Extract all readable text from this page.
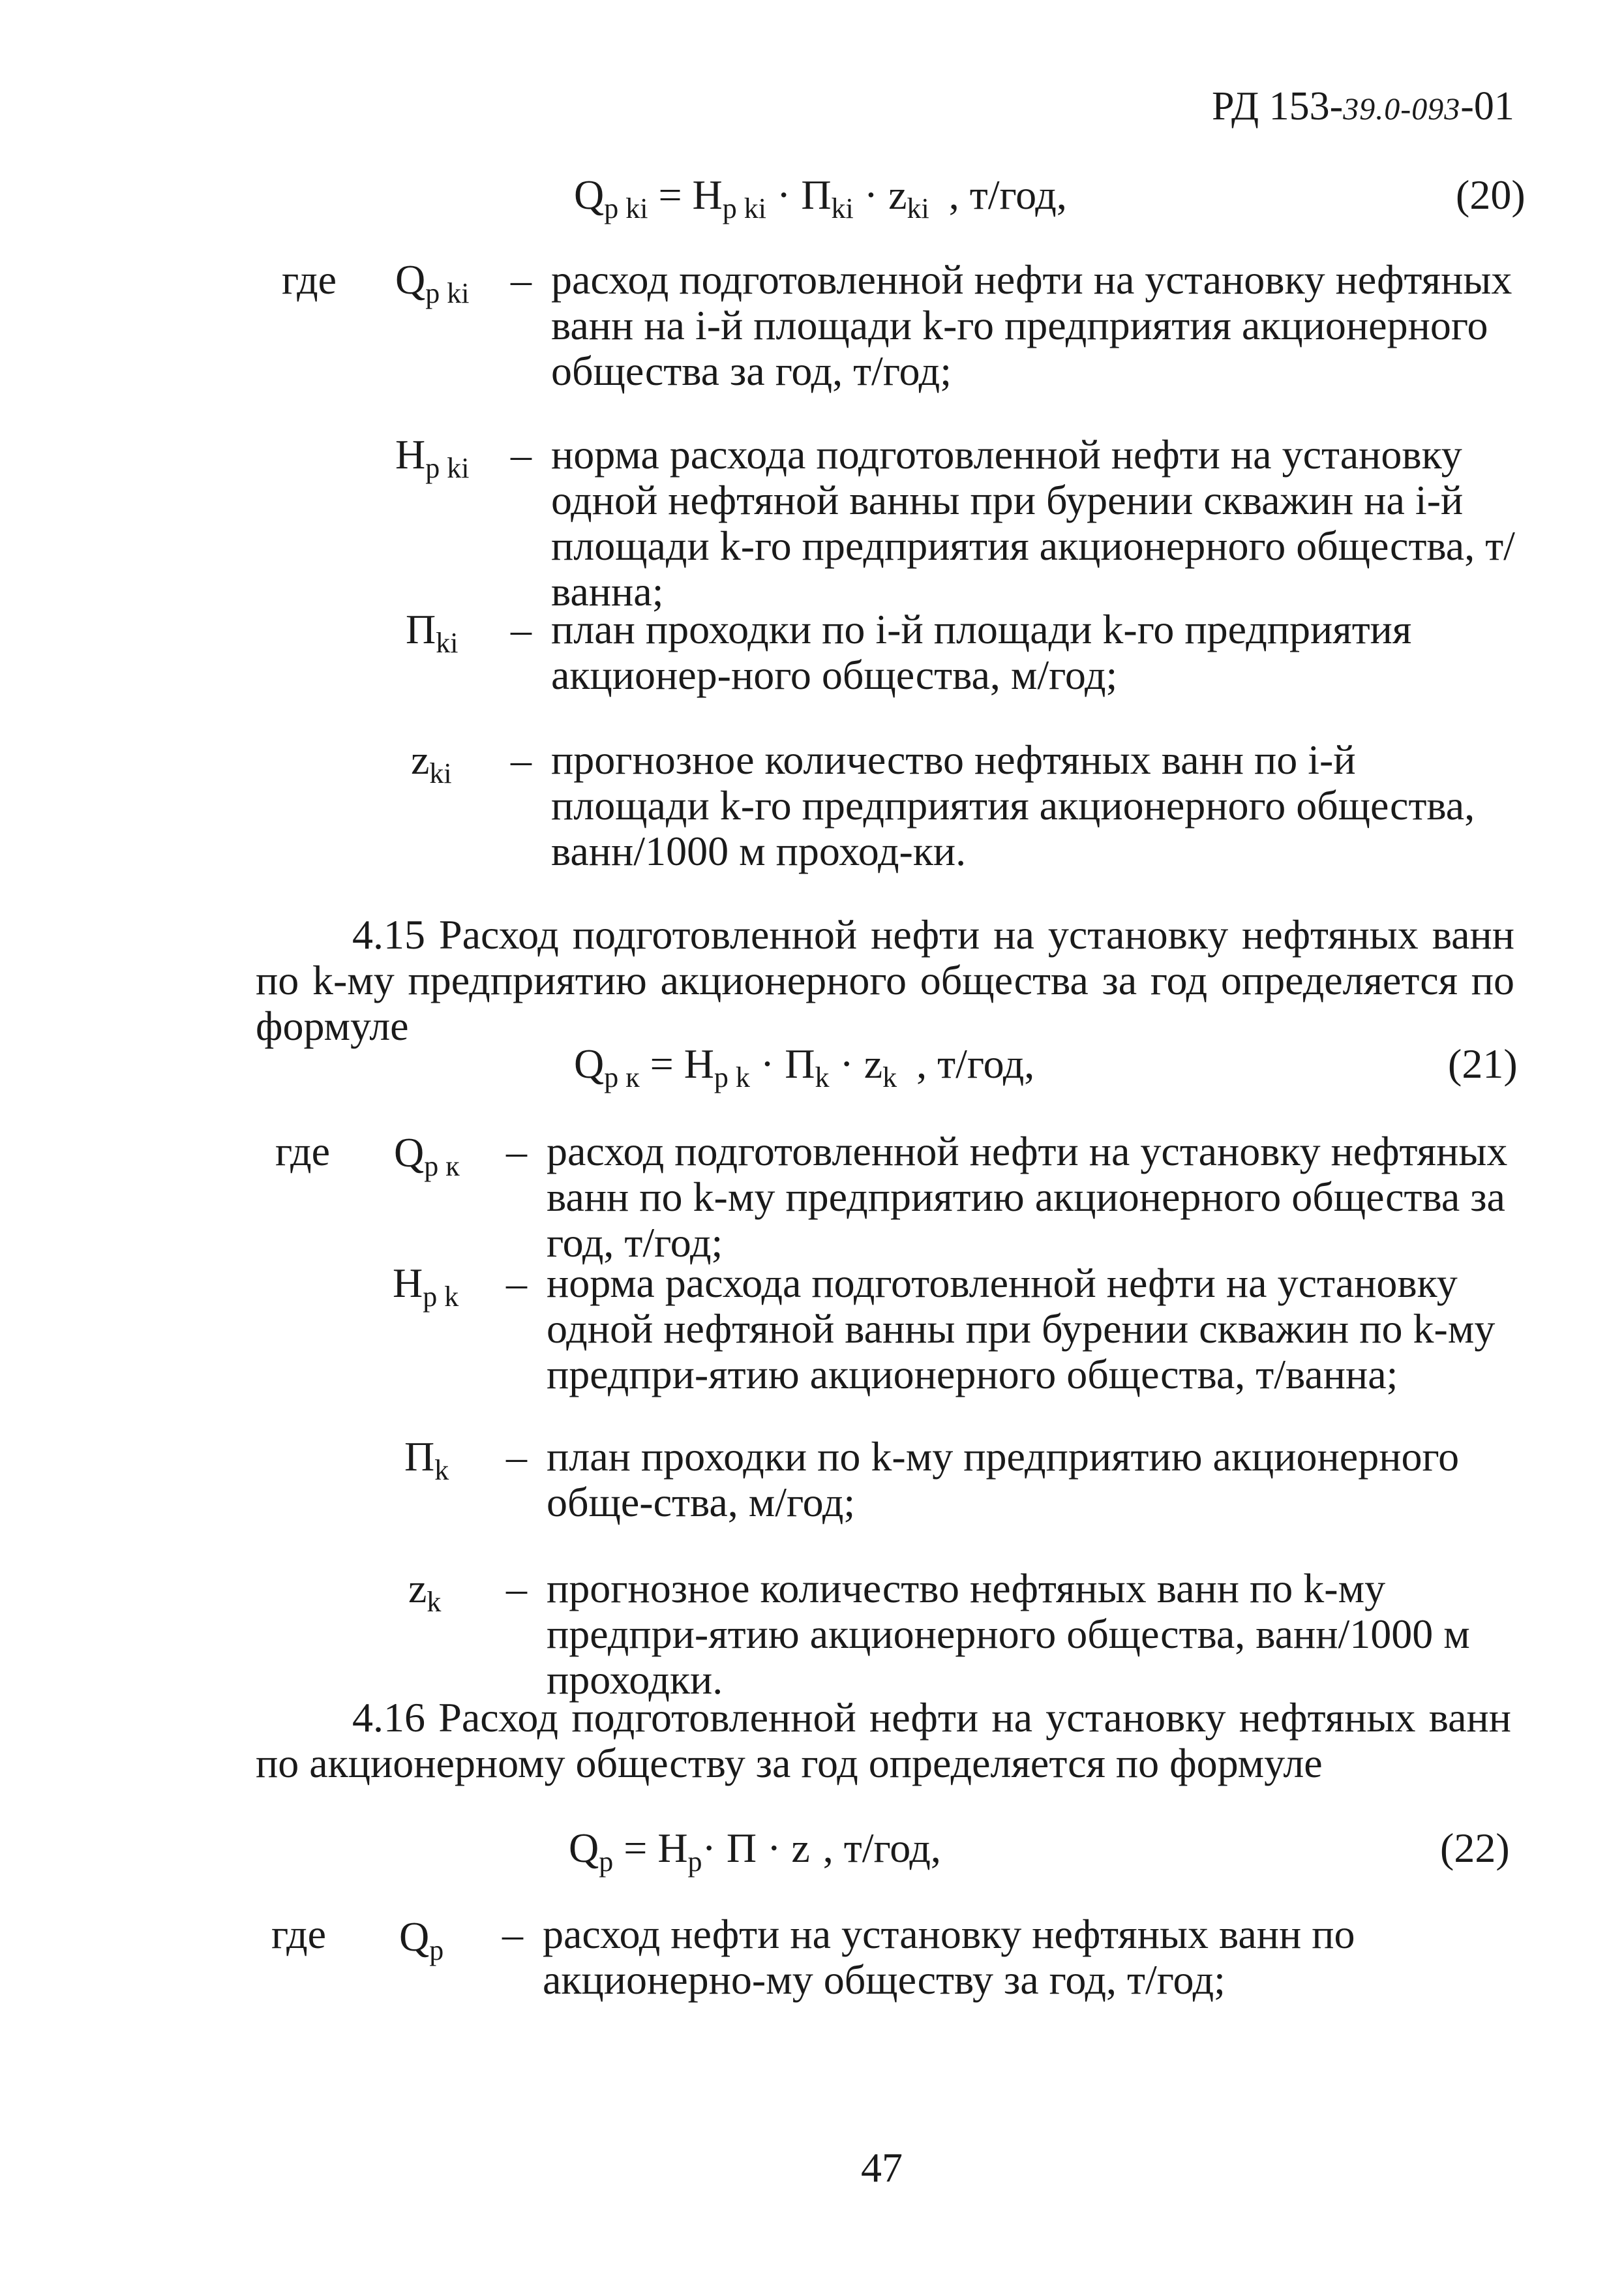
РД 153-39.0-093-01
$Q_{р ki} = Н_{р ki} \cdot П_{ki} \cdot z_{ki}$ , т/год,	(20)
где $Q_{р ki}$ – расход подготовленной нефти на установку нефтяных ванн на i-й площади k-го предприятия акционерного общества за год, т/год;
$Н_{р ki}$ – норма расхода подготовленной нефти на установку одной нефтяной ванны при бурении скважин на i-й площади k-го предприятия акционерного общества, т/ванна;
$П_{ki}$ – план проходки по i-й площади k-го предприятия акционер-ного общества, м/год;
$z_{ki}$ – прогнозное количество нефтяных ванн по i-й площади k-го предприятия акционерного общества, ванн/1000 м проход-ки.
4.15 Расход подготовленной нефти на установку нефтяных ванн по k-му предприятию акционерного общества за год определяется по формуле
$Q_{р к} = Н_{р k} \cdot П_k \cdot z_k$ , т/год,	(21)
где $Q_{р к}$ – расход подготовленной нефти на установку нефтяных ванн по k-му предприятию акционерного общества за год, т/год;
$Н_{р k}$ – норма расхода подготовленной нефти на установку одной нефтяной ванны при бурении скважин по k-му предпри-ятию акционерного общества, т/ванна;
$П_k$ – план проходки по k-му предприятию акционерного обще-ства, м/год;
$z_k$ – прогнозное количество нефтяных ванн по k-му предпри-ятию акционерного общества, ванн/1000 м проходки.
4.16 Расход подготовленной нефти на установку нефтяных ванн по акционерному обществу за год определяется по формуле
$Q_р = Н_р\cdot П \cdot z$ , т/год,	(22)
где $Q_р$ – расход нефти на установку нефтяных ванн по акционерно-му обществу за год, т/год;
47
